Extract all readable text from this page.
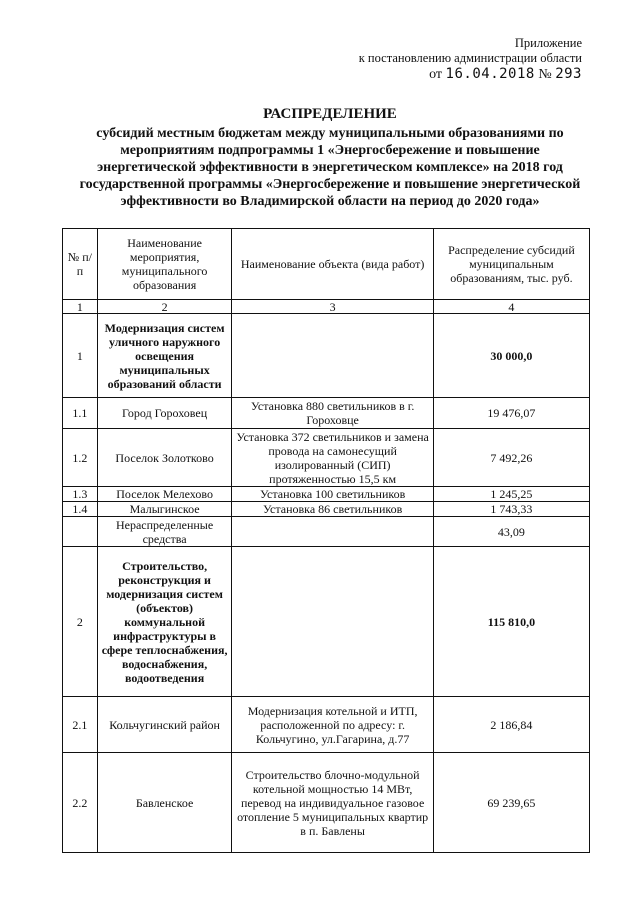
Приложение
к постановлению администрации области
от 16.04.2018 № 293
РАСПРЕДЕЛЕНИЕ
субсидий местным бюджетам между муниципальными образованиями по
мероприятиям подпрограммы 1 «Энергосбережение и повышение
энергетической эффективности в энергетическом комплексе» на 2018 год
государственной программы «Энергосбережение и повышение энергетической
эффективности во Владимирской области на период до 2020 года»
№ п/п	Наименование мероприятия, муниципального образования	Наименование объекта (вида работ)	Распределение субсидий муниципальным образованиям, тыс. руб.
1	2	3	4
1	Модернизация систем уличного наружного освещения муниципальных образований области		30 000,0
1.1	Город Гороховец	Установка 880 светильников в г. Гороховце	19 476,07
1.2	Поселок Золотково	Установка 372 светильников и замена провода на самонесущий изолированный (СИП) протяженностью 15,5 км	7 492,26
1.3	Поселок Мелехово	Установка 100 светильников	1 245,25
1.4	Малыгинское	Установка 86 светильников	1 743,33
	Нераспределенные средства		43,09
2	Строительство, реконструкция и модернизация систем (объектов) коммунальной инфраструктуры в сфере теплоснабжения, водоснабжения, водоотведения		115 810,0
2.1	Кольчугинский район	Модернизация котельной и ИТП, расположенной по адресу: г. Кольчугино, ул.Гагарина, д.77	2 186,84
2.2	Бавленское	Строительство блочно-модульной котельной мощностью 14 МВт, перевод на индивидуальное газовое отопление 5 муниципальных квартир в п. Бавлены	69 239,65
